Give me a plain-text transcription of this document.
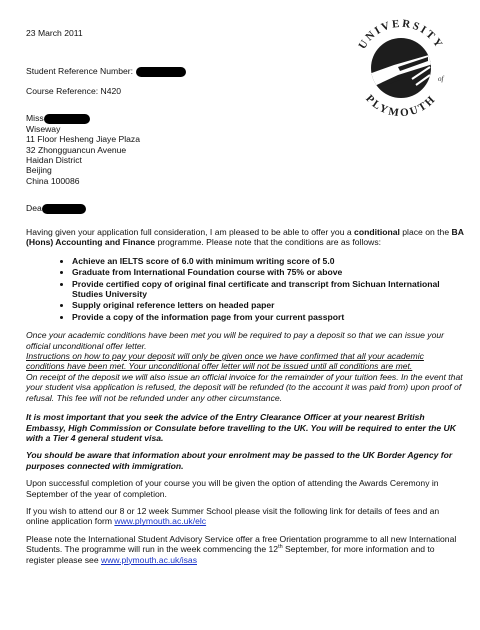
UNIVERSITY
of
PLYMOUTH
23 March 2011
Student Reference Number:
Course Reference: N420
Miss
Wiseway
11 Floor Hesheng Jiaye Plaza
32 Zhongguancun Avenue
Haidan District
Beijing
China 100086
Dea

Having given your application full consideration, I am pleased to be able to offer you a conditional place on the BA (Hons) Accounting and Finance programme. Please note that the conditions are as follows:

• Achieve an IELTS score of 6.0 with minimum writing score of 5.0
• Graduate from International Foundation course with 75% or above
• Provide certified copy of original final certificate and transcript from Sichuan International Studies University
• Supply original reference letters on headed paper
• Provide a copy of the information page from your current passport

Once your academic conditions have been met you will be required to pay a deposit so that we can issue your official unconditional offer letter.

Instructions on how to pay your deposit will only be given once we have confirmed that all your academic conditions have been met. Your unconditional offer letter will not be issued until all conditions are met.

On receipt of the deposit we will also issue an official invoice for the remainder of your tuition fees. In the event that your student visa application is refused, the deposit will be refunded (to the account it was paid from) upon proof of refusal. This fee will not be refunded under any other circumstance.

It is most important that you seek the advice of the Entry Clearance Officer at your nearest British Embassy, High Commission or Consulate before travelling to the UK. You will be required to enter the UK with a Tier 4 general student visa.

You should be aware that information about your enrolment may be passed to the UK Border Agency for purposes connected with immigration.

Upon successful completion of your course you will be given the option of attending the Awards Ceremony in September of the year of completion.

If you wish to attend our 8 or 12 week Summer School please visit the following link for details of fees and an online application form www.plymouth.ac.uk/elc

Please note the International Student Advisory Service offer a free Orientation programme to all new International Students. The programme will run in the week commencing the 12th September, for more information and to register please see www.plymouth.ac.uk/isas
